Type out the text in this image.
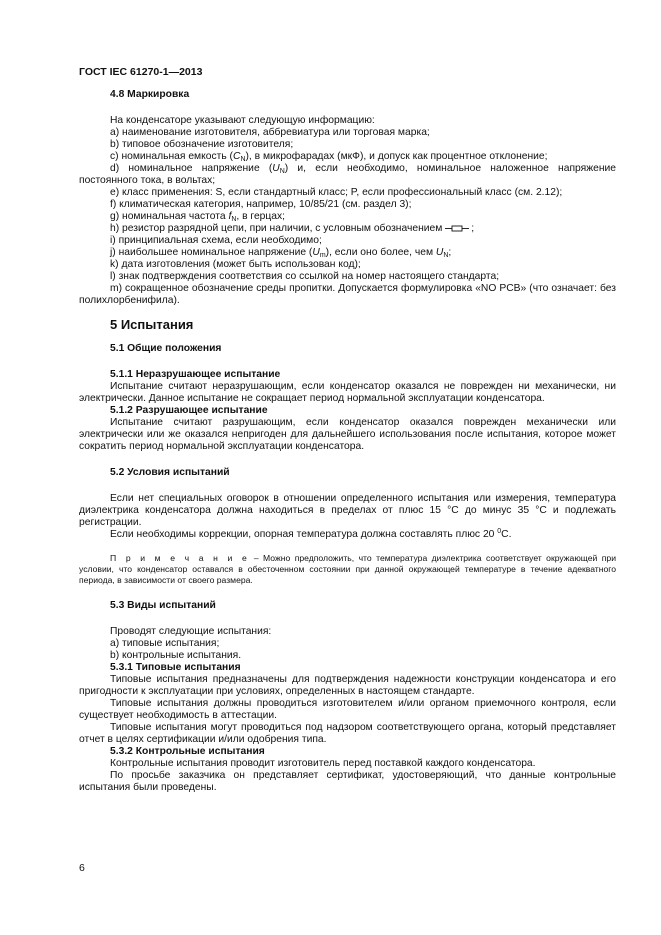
ГОСТ IEC 61270-1—2013
4.8 Маркировка

На конденсаторе указывают следующую информацию:

а) наименование изготовителя, аббревиатура или торговая марка;

b) типовое обозначение изготовителя;

c) номинальная емкость $(C_N)$, в микрофарадах (мкФ), и допуск как процентное отклонение;

d) номинальное напряжение $(U_N)$ и, если необходимо, номинальное наложенное напряжение постоянного тока, в вольтах;

e) класс применения: S, если стандартный класс; P, если профессиональный класс (см. 2.12);

f) климатическая категория, например, 10/85/21 (см. раздел 3);

g) номинальная частота $f_N$, в герцах;

h) резистор разрядной цепи, при наличии, с условным обозначением	;

i) принципиальная схема, если необходимо;

j) наибольшее номинальное напряжение $(U_m)$, если оно более, чем $U_N$;

k) дата изготовления (может быть использован код);

l) знак подтверждения соответствия со ссылкой на номер настоящего стандарта;

m) сокращенное обозначение среды пропитки. Допускается формулировка «NO PCB» (что означает: без полихлорбенифила).

5 Испытания
5.1 Общие положения
5.1.1 Неразрушающее испытание

Испытание считают неразрушающим, если конденсатор оказался не поврежден ни механически, ни электрически. Данное испытание не сокращает период нормальной эксплуатации конденсатора.

5.1.2 Разрушающее испытание

Испытание считают разрушающим, если конденсатор оказался поврежден механически или электрически или же оказался непригоден для дальнейшего использования после испытания, которое может сократить период нормальной эксплуатации конденсатора.

5.2 Условия испытаний

Если нет специальных оговорок в отношении определенного испытания или измерения, температура диэлектрика конденсатора должна находиться в пределах от плюс 15 °С до минус 35 °С и подлежать регистрации.

Если необходимы коррекции, опорная температура должна составлять плюс 20 $^0$С.

П р и м е ч а н и е – Можно предположить, что температура диэлектрика соответствует окружающей при условии, что конденсатор оставался в обесточенном состоянии при данной окружающей температуре в течение адекватного периода, в зависимости от своего размера.

5.3 Виды испытаний

Проводят следующие испытания:

а) типовые испытания;

b) контрольные испытания.

5.3.1 Типовые испытания

Типовые испытания предназначены для подтверждения надежности конструкции конденсатора и его пригодности к эксплуатации при условиях, определенных в настоящем стандарте.

Типовые испытания должны проводиться изготовителем и/или органом приемочного контроля, если существует необходимость в аттестации.

Типовые испытания могут проводиться под надзором соответствующего органа, который представляет отчет в целях сертификации и/или одобрения типа.

5.3.2 Контрольные испытания

Контрольные испытания проводит изготовитель перед поставкой каждого конденсатора.

По просьбе заказчика он представляет сертификат, удостоверяющий, что данные контрольные испытания были проведены.

6
